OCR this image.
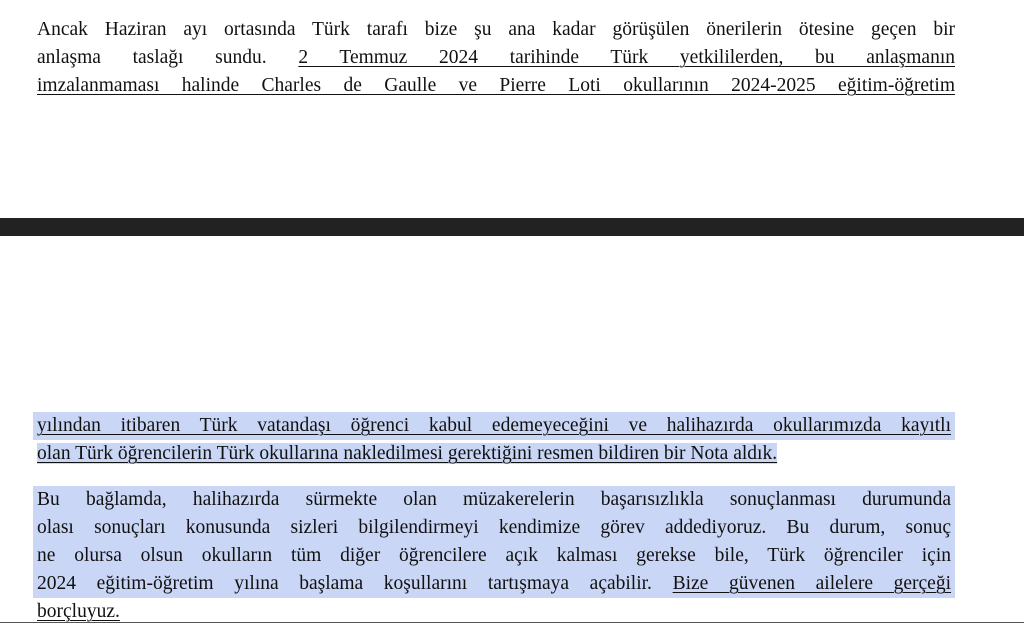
Ancak Haziran ayı ortasında Türk tarafı bize şu ana kadar görüşülen önerilerin ötesine geçen bir
anlaşma taslağı sundu. 2 Temmuz 2024 tarihinde Türk yetkililerden, bu anlaşmanın
imzalanmaması halinde Charles de Gaulle ve Pierre Loti okullarının 2024-2025 eğitim-öğretim
yılından itibaren Türk vatandaşı öğrenci kabul edemeyeceğini ve halihazırda okullarımızda kayıtlı
olan Türk öğrencilerin Türk okullarına nakledilmesi gerektiğini resmen bildiren bir Nota aldık.
Bu bağlamda, halihazırda sürmekte olan müzakerelerin başarısızlıkla sonuçlanması durumunda
olası sonuçları konusunda sizleri bilgilendirmeyi kendimize görev addediyoruz. Bu durum, sonuç
ne olursa olsun okulların tüm diğer öğrencilere açık kalması gerekse bile, Türk öğrenciler için
2024 eğitim-öğretim yılına başlama koşullarını tartışmaya açabilir. Bize güvenen ailelere gerçeği
borçluyuz.
